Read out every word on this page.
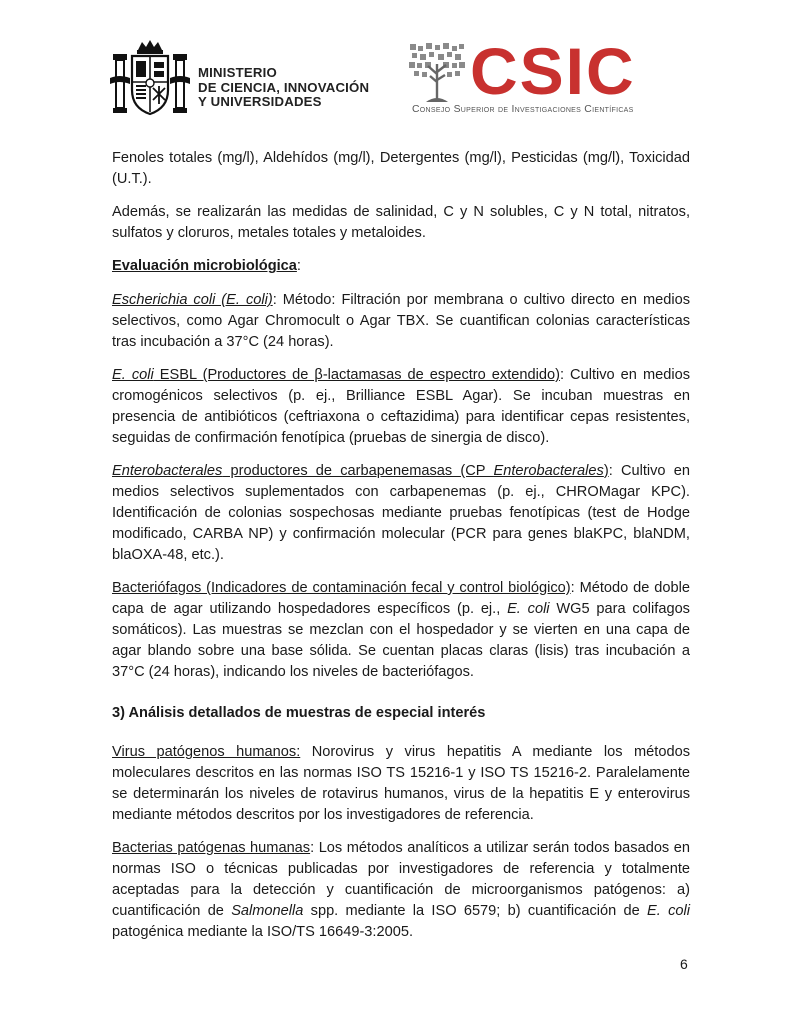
MINISTERIO
DE CIENCIA, INNOVACIÓN
Y UNIVERSIDADES	CSIC
Consejo Superior de Investigaciones Científicas

Fenoles totales (mg/l), Aldehídos (mg/l), Detergentes (mg/l), Pesticidas (mg/l), Toxicidad (U.T.).

Además, se realizarán las medidas de salinidad, C y N solubles, C y N total, nitratos, sulfatos y cloruros, metales totales y metaloides.

Evaluación microbiológica:

Escherichia coli (E. coli): Método: Filtración por membrana o cultivo directo en medios selectivos, como Agar Chromocult o Agar TBX. Se cuantifican colonias características tras incubación a 37°C (24 horas).

E. coli ESBL (Productores de β-lactamasas de espectro extendido): Cultivo en medios cromogénicos selectivos (p. ej., Brilliance ESBL Agar). Se incuban muestras en presencia de antibióticos (ceftriaxona o ceftazidima) para identificar cepas resistentes, seguidas de confirmación fenotípica (pruebas de sinergia de disco).

Enterobacterales productores de carbapenemasas (CP Enterobacterales): Cultivo en medios selectivos suplementados con carbapenemas (p. ej., CHROMagar KPC). Identificación de colonias sospechosas mediante pruebas fenotípicas (test de Hodge modificado, CARBA NP) y confirmación molecular (PCR para genes blaKPC, blaNDM, blaOXA-48, etc.).

Bacteriófagos (Indicadores de contaminación fecal y control biológico): Método de doble capa de agar utilizando hospedadores específicos (p. ej., E. coli WG5 para colifagos somáticos). Las muestras se mezclan con el hospedador y se vierten en una capa de agar blando sobre una base sólida. Se cuentan placas claras (lisis) tras incubación a 37°C (24 horas), indicando los niveles de bacteriófagos.

3) Análisis detallados de muestras de especial interés

Virus patógenos humanos: Norovirus y virus hepatitis A mediante los métodos moleculares descritos en las normas ISO TS 15216-1 y ISO TS 15216-2. Paralelamente se determinarán los niveles de rotavirus humanos, virus de la hepatitis E y enterovirus mediante métodos descritos por los investigadores de referencia.

Bacterias patógenas humanas: Los métodos analíticos a utilizar serán todos basados en normas ISO o técnicas publicadas por investigadores de referencia y totalmente aceptadas para la detección y cuantificación de microorganismos patógenos: a) cuantificación de Salmonella spp. mediante la ISO 6579; b) cuantificación de E. coli patogénica mediante la ISO/TS 16649-3:2005.

6
